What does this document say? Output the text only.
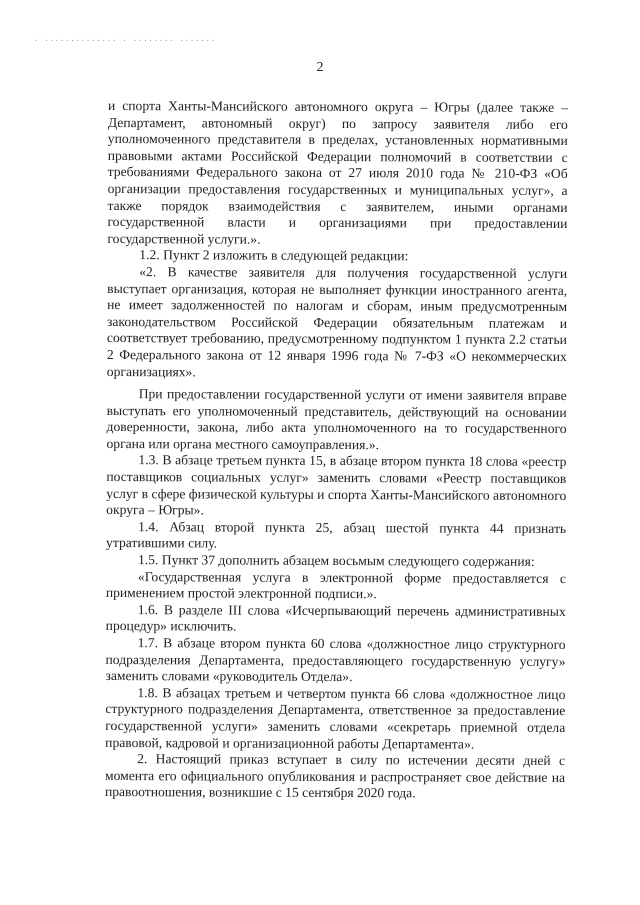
. .............. . ........ .......
2

и спорта Ханты-Мансийского автономного округа – Югры (далее также – Департамент, автономный округ) по запросу заявителя либо его уполномоченного представителя в пределах, установленных нормативными правовыми актами Российской Федерации полномочий в соответствии с требованиями Федерального закона от 27 июля 2010 года № 210-ФЗ «Об организации предоставления государственных и муниципальных услуг», а также порядок взаимодействия с заявителем, иными органами государственной власти и организациями при предоставлении государственной услуги.».

1.2. Пункт 2 изложить в следующей редакции:

«2. В качестве заявителя для получения государственной услуги выступает организация, которая не выполняет функции иностранного агента, не имеет задолженностей по налогам и сборам, иным предусмотренным законодательством Российской Федерации обязательным платежам и соответствует требованию, предусмотренному подпунктом 1 пункта 2.2 статьи 2 Федерального закона от 12 января 1996 года № 7-ФЗ «О некоммерческих организациях».

При предоставлении государственной услуги от имени заявителя вправе выступать его уполномоченный представитель, действующий на основании доверенности, закона, либо акта уполномоченного на то государственного органа или органа местного самоуправления.».

1.3. В абзаце третьем пункта 15, в абзаце втором пункта 18 слова «реестр поставщиков социальных услуг» заменить словами «Реестр поставщиков услуг в сфере физической культуры и спорта Ханты-Мансийского автономного округа – Югры».

1.4. Абзац второй пункта 25, абзац шестой пункта 44 признать утратившими силу.

1.5. Пункт 37 дополнить абзацем восьмым следующего содержания:

«Государственная услуга в электронной форме предоставляется с применением простой электронной подписи.».

1.6. В разделе III слова «Исчерпывающий перечень административных процедур» исключить.

1.7. В абзаце втором пункта 60 слова «должностное лицо структурного подразделения Департамента, предоставляющего государственную услугу» заменить словами «руководитель Отдела».

1.8. В абзацах третьем и четвертом пункта 66 слова «должностное лицо структурного подразделения Департамента, ответственное за предоставление государственной услуги» заменить словами «секретарь приемной отдела правовой, кадровой и организационной работы Департамента».

2. Настоящий приказ вступает в силу по истечении десяти дней с момента его официального опубликования и распространяет свое действие на правоотношения, возникшие с 15 сентября 2020 года.
